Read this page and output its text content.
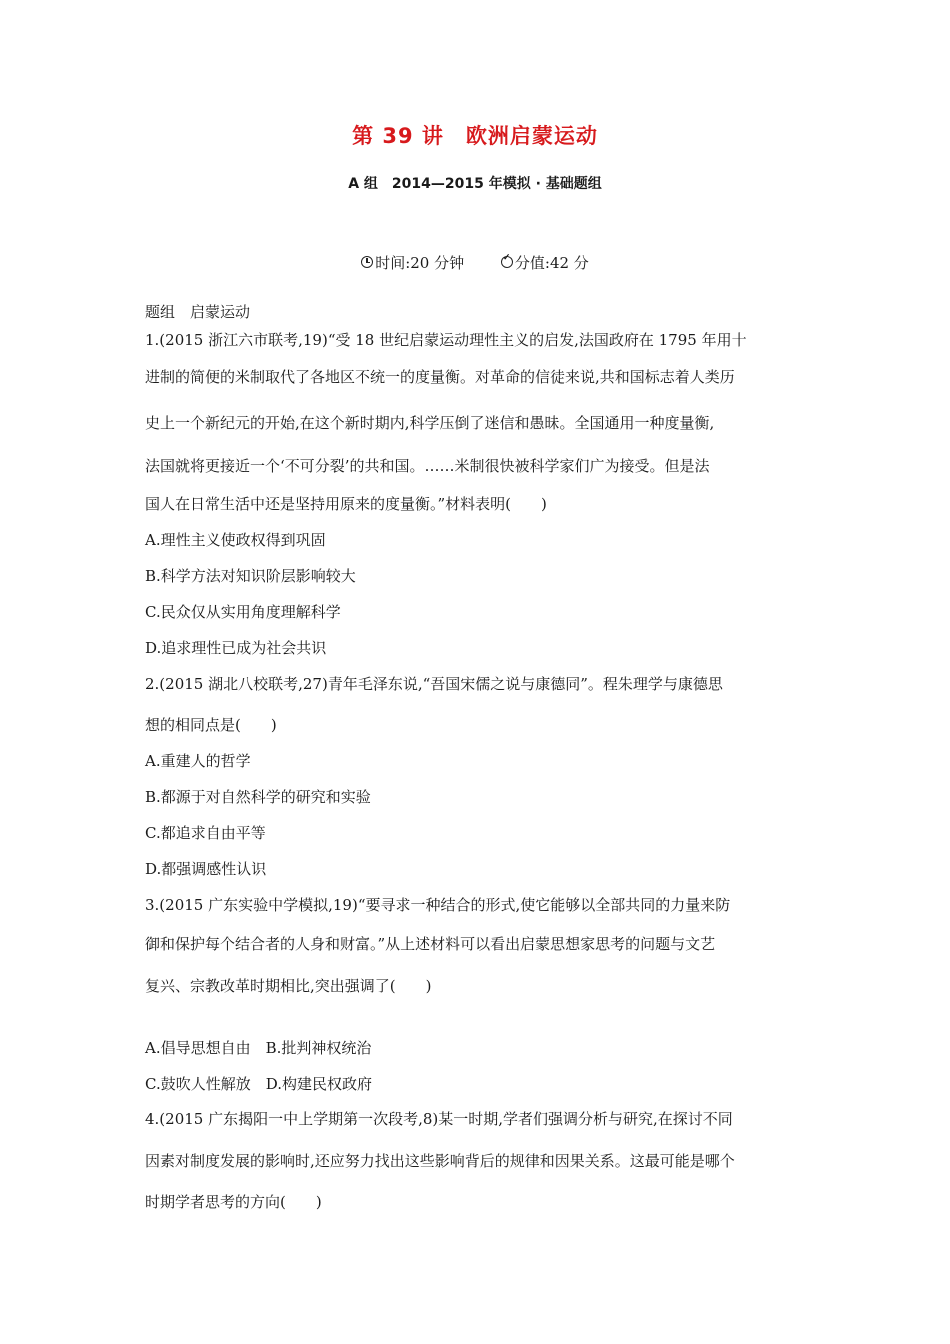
第 39 讲　欧洲启蒙运动
A 组　2014—2015 年模拟 · 基础题组
时间:20 分钟 ✓	分值:42 分
题组　启蒙运动
1.(2015 浙江六市联考,19)“受 18 世纪启蒙运动理性主义的启发,法国政府在 1795 年用十
进制的简便的米制取代了各地区不统一的度量衡。对革命的信徒来说,共和国标志着人类历
史上一个新纪元的开始,在这个新时期内,科学压倒了迷信和愚昧。全国通用一种度量衡,
法国就将更接近一个‘不可分裂’的共和国。……米制很快被科学家们广为接受。但是法
国人在日常生活中还是坚持用原来的度量衡。”材料表明(　　)
A.理性主义使政权得到巩固
B.科学方法对知识阶层影响较大
C.民众仅从实用角度理解科学
D.追求理性已成为社会共识
2.(2015 湖北八校联考,27)青年毛泽东说,“吾国宋儒之说与康德同”。程朱理学与康德思
想的相同点是(　　)
A.重建人的哲学
B.都源于对自然科学的研究和实验
C.都追求自由平等
D.都强调感性认识
3.(2015 广东实验中学模拟,19)“要寻求一种结合的形式,使它能够以全部共同的力量来防
御和保护每个结合者的人身和财富。”从上述材料可以看出启蒙思想家思考的问题与文艺
复兴、宗教改革时期相比,突出强调了(　　)
A.倡导思想自由　B.批判神权统治
C.鼓吹人性解放　D.构建民权政府
4.(2015 广东揭阳一中上学期第一次段考,8)某一时期,学者们强调分析与研究,在探讨不同
因素对制度发展的影响时,还应努力找出这些影响背后的规律和因果关系。这最可能是哪个
时期学者思考的方向(　　)
